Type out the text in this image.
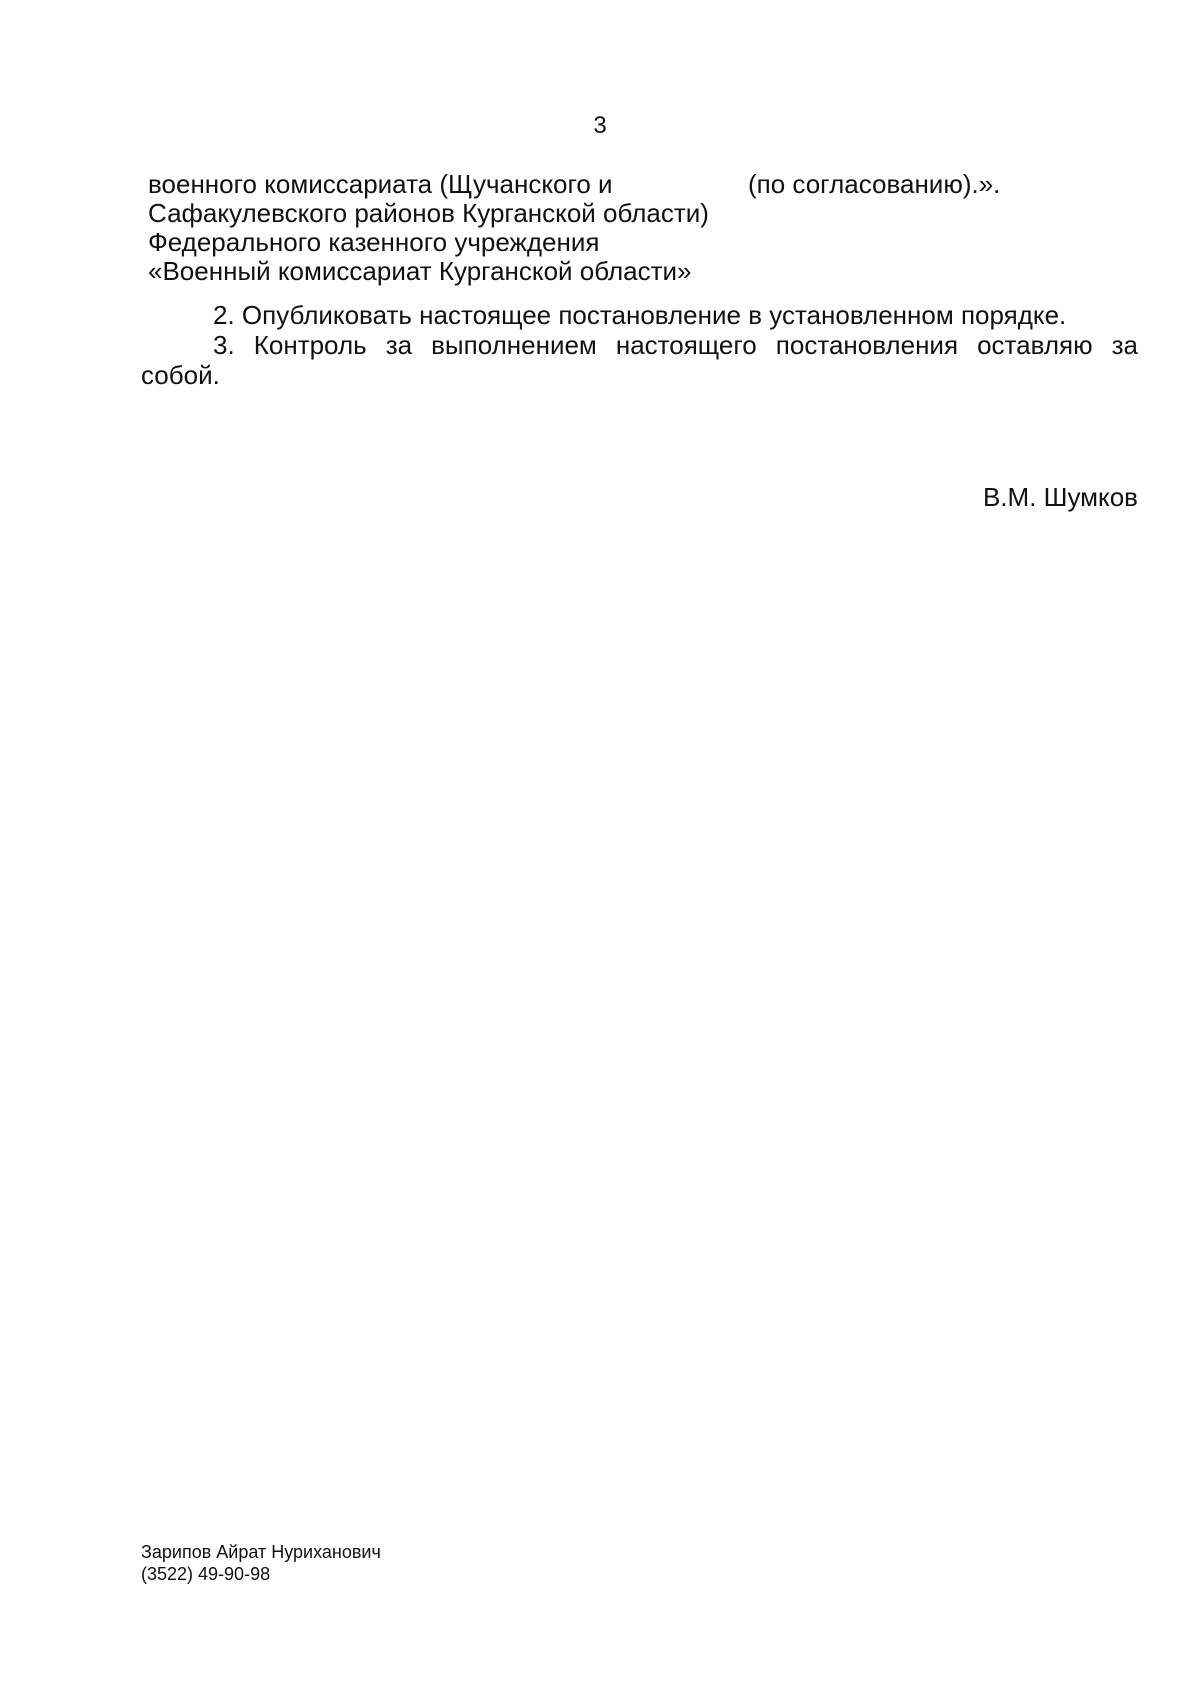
3
военного комиссариата (Щучанского и
Сафакулевского районов Курганской области)
Федерального казенного учреждения
«Военный комиссариат Курганской области»
(по согласованию).».
2. Опубликовать настоящее постановление в установленном порядке.
3. Контроль за выполнением настоящего постановления оставляю за собой.
В.М. Шумков
Зарипов Айрат Нуриханович
(3522) 49-90-98
